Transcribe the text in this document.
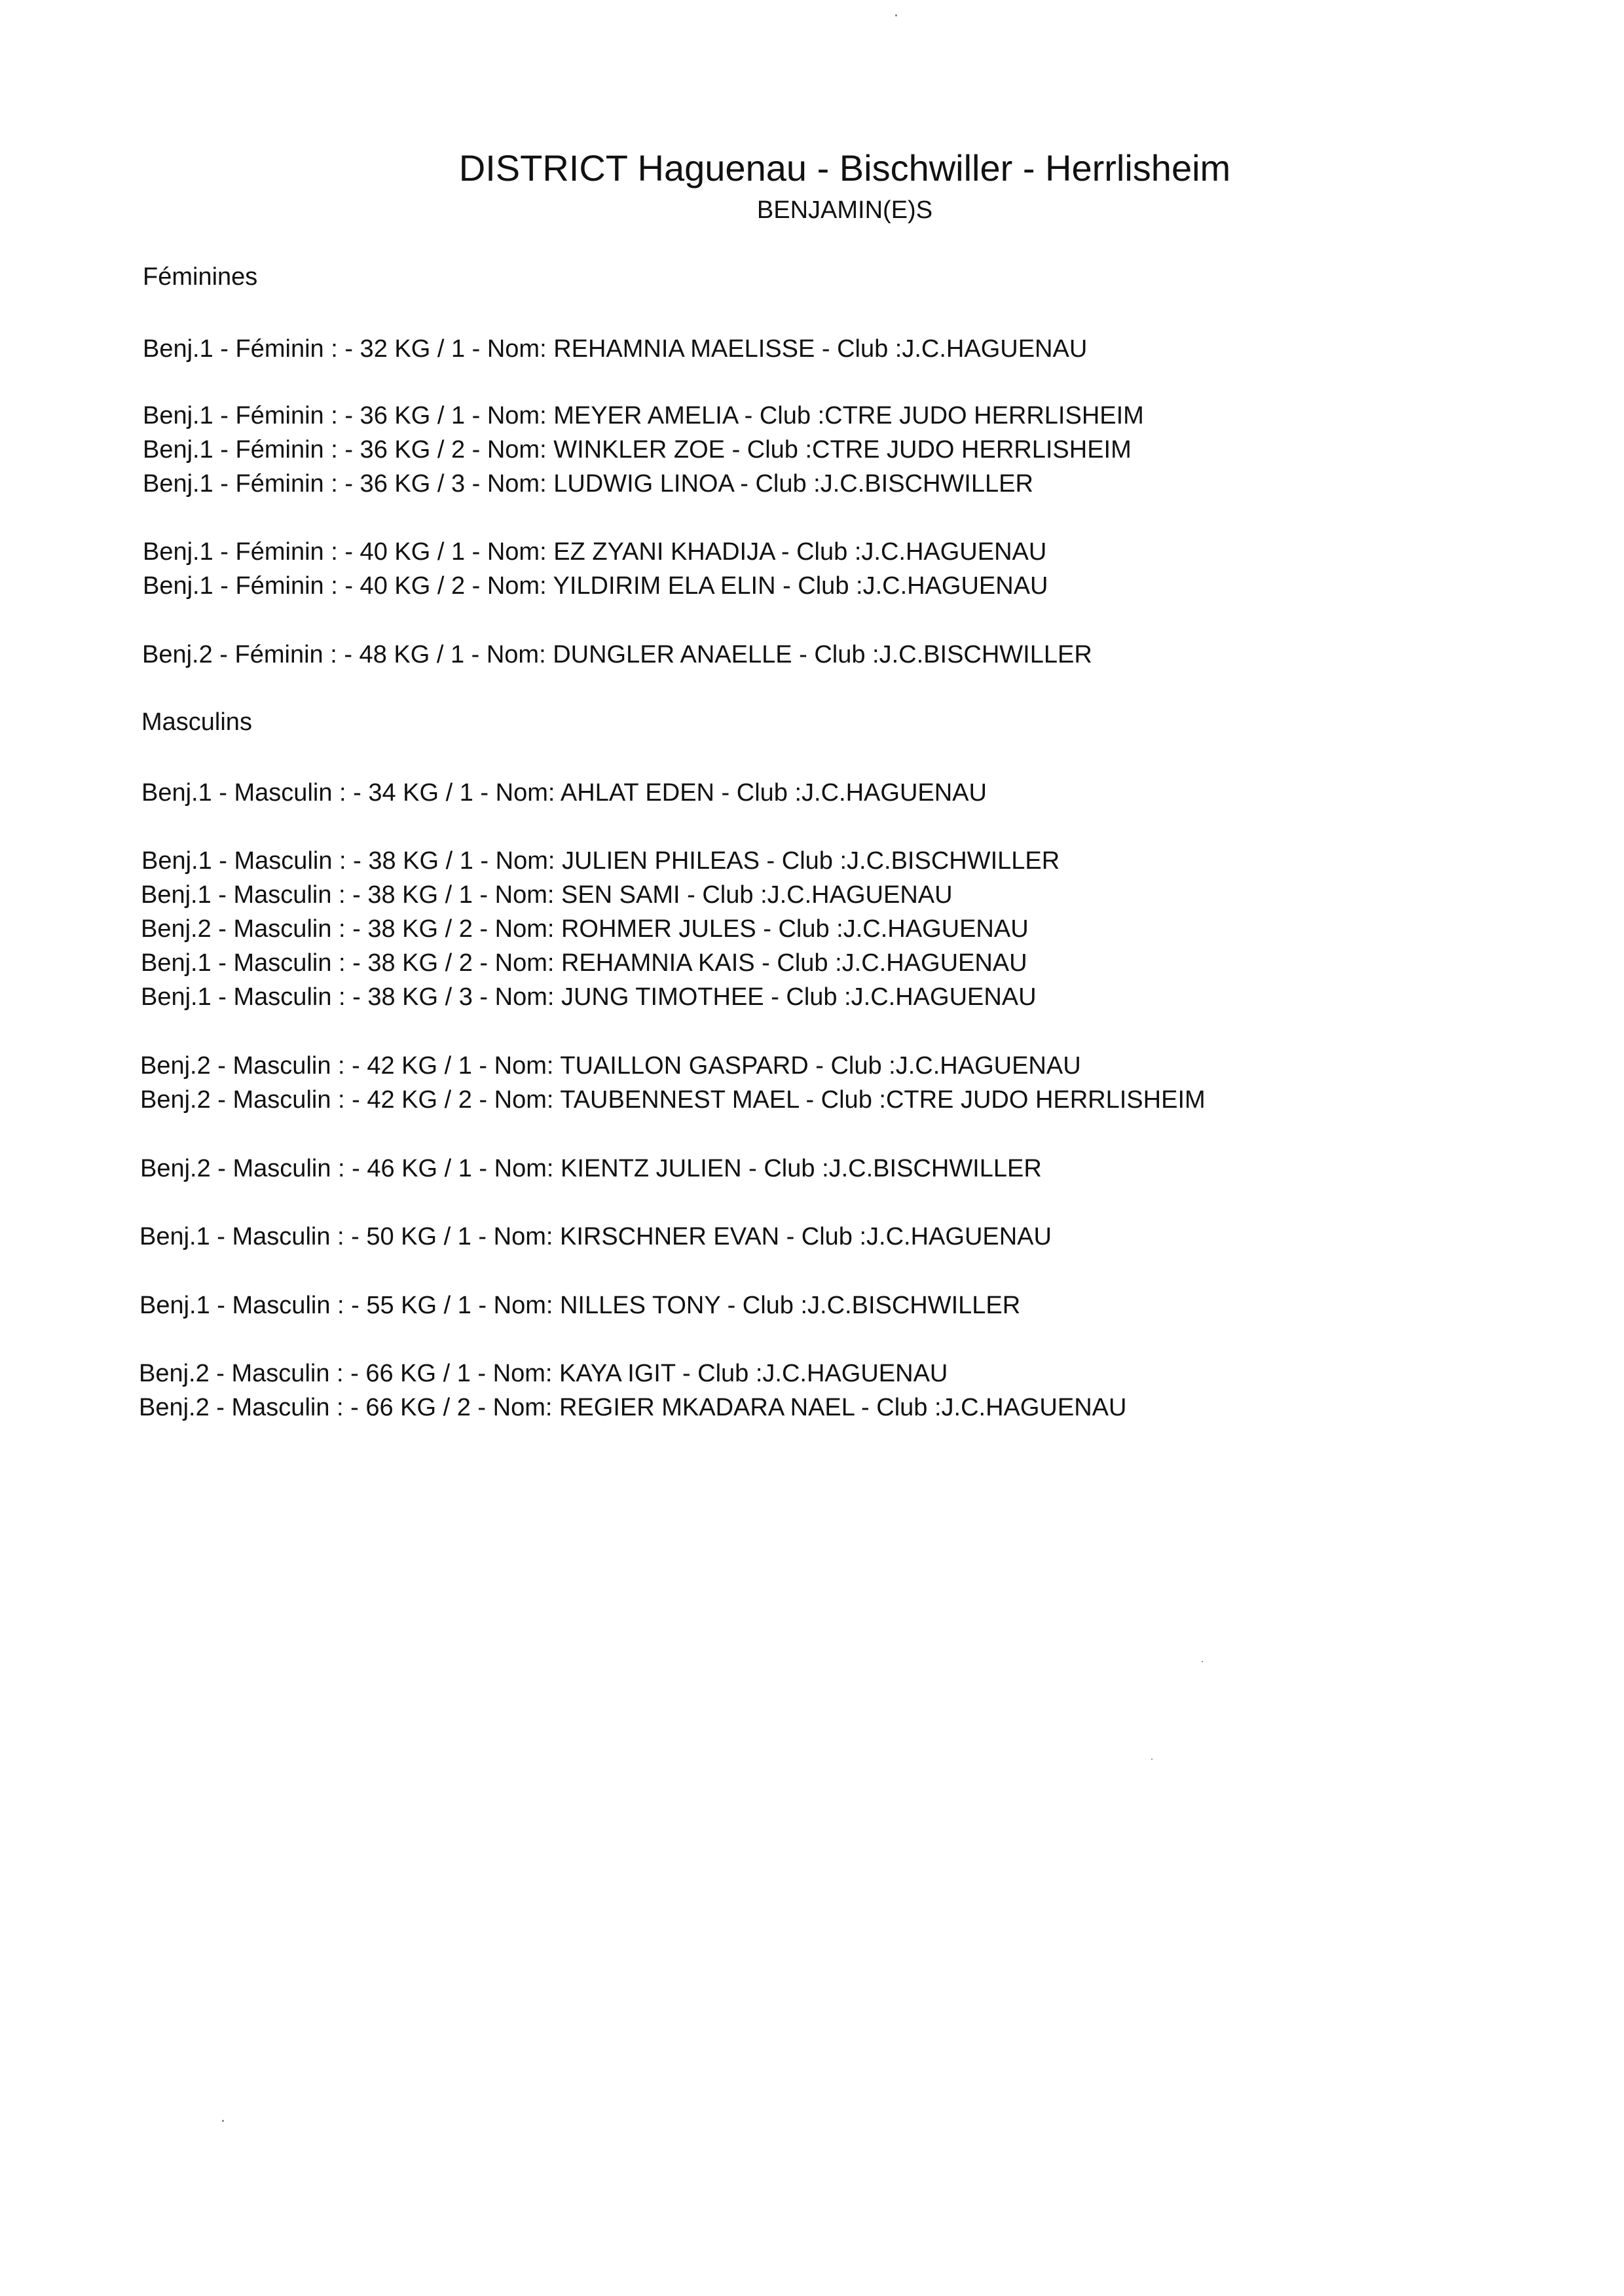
DISTRICT Haguenau - Bischwiller - Herrlisheim
BENJAMIN(E)S
Féminines
Masculins
Benj.1 - Féminin : - 32 KG / 1 - Nom: REHAMNIA MAELISSE - Club :J.C.HAGUENAU
Benj.1 - Féminin : - 36 KG / 1 - Nom: MEYER AMELIA - Club :CTRE JUDO HERRLISHEIM
Benj.1 - Féminin : - 36 KG / 2 - Nom: WINKLER ZOE - Club :CTRE JUDO HERRLISHEIM
Benj.1 - Féminin : - 36 KG / 3 - Nom: LUDWIG LINOA - Club :J.C.BISCHWILLER
Benj.1 - Féminin : - 40 KG / 1 - Nom: EZ ZYANI KHADIJA - Club :J.C.HAGUENAU
Benj.1 - Féminin : - 40 KG / 2 - Nom: YILDIRIM ELA ELIN - Club :J.C.HAGUENAU
Benj.2 - Féminin : - 48 KG / 1 - Nom: DUNGLER ANAELLE - Club :J.C.BISCHWILLER
Benj.1 - Masculin : - 34 KG / 1 - Nom: AHLAT EDEN - Club :J.C.HAGUENAU
Benj.1 - Masculin : - 38 KG / 1 - Nom: JULIEN PHILEAS - Club :J.C.BISCHWILLER
Benj.1 - Masculin : - 38 KG / 1 - Nom: SEN SAMI - Club :J.C.HAGUENAU
Benj.2 - Masculin : - 38 KG / 2 - Nom: ROHMER JULES - Club :J.C.HAGUENAU
Benj.1 - Masculin : - 38 KG / 2 - Nom: REHAMNIA KAIS - Club :J.C.HAGUENAU
Benj.1 - Masculin : - 38 KG / 3 - Nom: JUNG TIMOTHEE - Club :J.C.HAGUENAU
Benj.2 - Masculin : - 42 KG / 1 - Nom: TUAILLON GASPARD - Club :J.C.HAGUENAU
Benj.2 - Masculin : - 42 KG / 2 - Nom: TAUBENNEST MAEL - Club :CTRE JUDO HERRLISHEIM
Benj.2 - Masculin : - 46 KG / 1 - Nom: KIENTZ JULIEN - Club :J.C.BISCHWILLER
Benj.1 - Masculin : - 50 KG / 1 - Nom: KIRSCHNER EVAN - Club :J.C.HAGUENAU
Benj.1 - Masculin : - 55 KG / 1 - Nom: NILLES TONY - Club :J.C.BISCHWILLER
Benj.2 - Masculin : - 66 KG / 1 - Nom: KAYA IGIT - Club :J.C.HAGUENAU
Benj.2 - Masculin : - 66 KG / 2 - Nom: REGIER MKADARA NAEL - Club :J.C.HAGUENAU
